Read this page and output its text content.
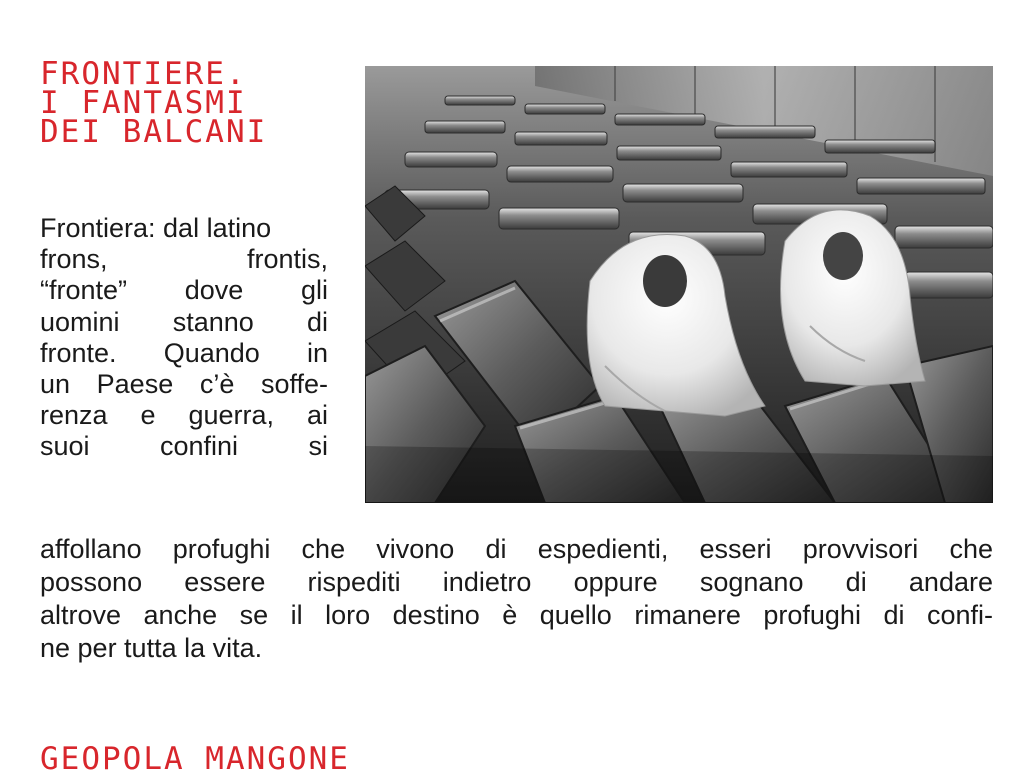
FRONTIERE.
I FANTASMI
DEI BALCANI
Frontiera: dal latino
frons, frontis,
“fronte” dove gli
uomini stanno di
fronte. Quando in
un Paese c’è soffe-
renza e guerra, ai
suoi confini si
affollano profughi che vivono di espedienti, esseri provvisori che
possono essere rispediti indietro oppure sognano di andare
altrove anche se il loro destino è quello rimanere profughi di confi-
ne per tutta la vita.
GEOPOLA MANGONE
